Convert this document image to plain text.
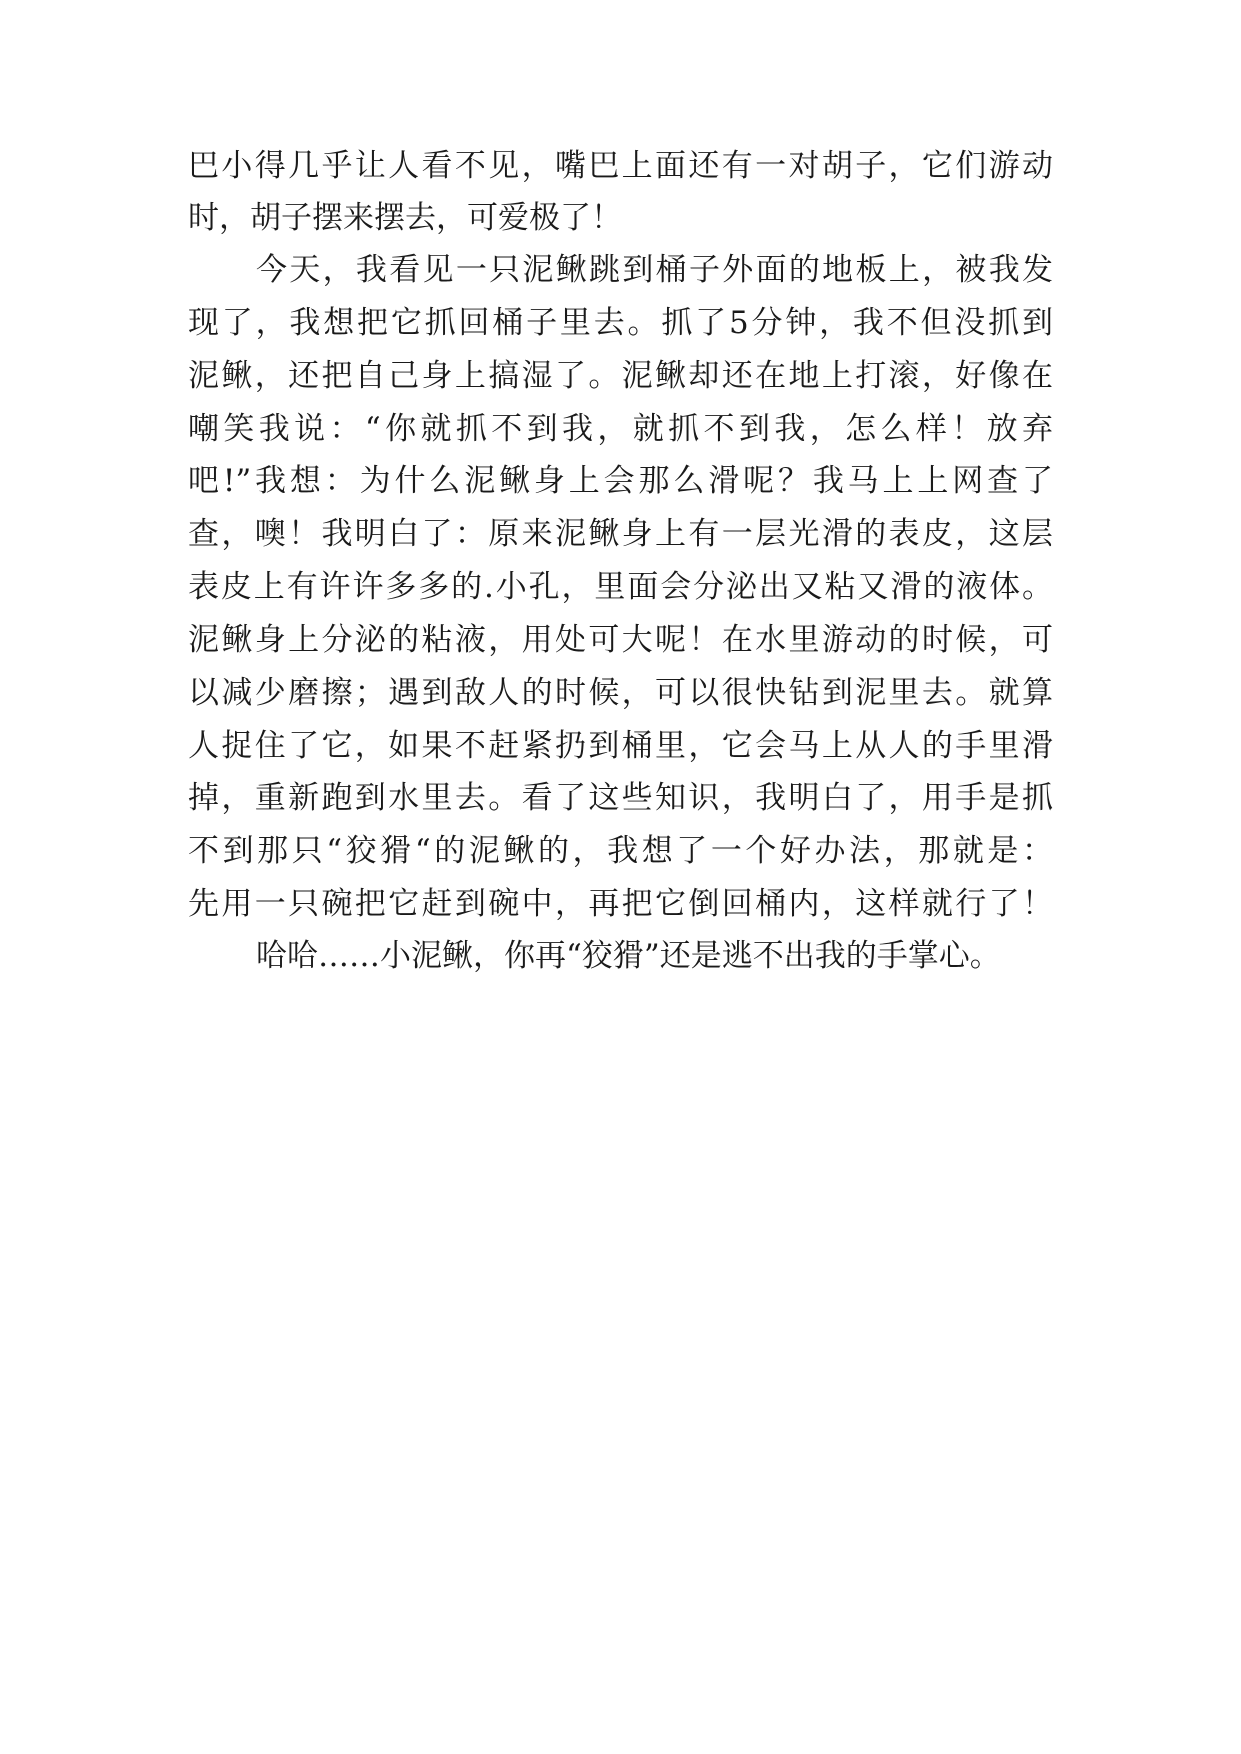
巴小得几乎让人看不见，嘴巴上面还有一对胡子，它们游动
时，胡子摆来摆去，可爱极了！
今天，我看见一只泥鳅跳到桶子外面的地板上，被我发
现了，我想把它抓回桶子里去。抓了5分钟，我不但没抓到
泥鳅，还把自己身上搞湿了。泥鳅却还在地上打滚，好像在
嘲笑我说：“你就抓不到我，就抓不到我，怎么样！放弃
吧!”我想：为什么泥鳅身上会那么滑呢？我马上上网查了
查，噢！我明白了：原来泥鳅身上有一层光滑的表皮，这层
表皮上有许许多多的.小孔，里面会分泌出又粘又滑的液体。
泥鳅身上分泌的粘液，用处可大呢！在水里游动的时候，可
以减少磨擦；遇到敌人的时候，可以很快钻到泥里去。就算
人捉住了它，如果不赶紧扔到桶里，它会马上从人的手里滑
掉，重新跑到水里去。看了这些知识，我明白了，用手是抓
不到那只“狡猾“的泥鳅的，我想了一个好办法，那就是：
先用一只碗把它赶到碗中，再把它倒回桶内，这样就行了！
哈哈……小泥鳅，你再“狡猾”还是逃不出我的手掌心。
